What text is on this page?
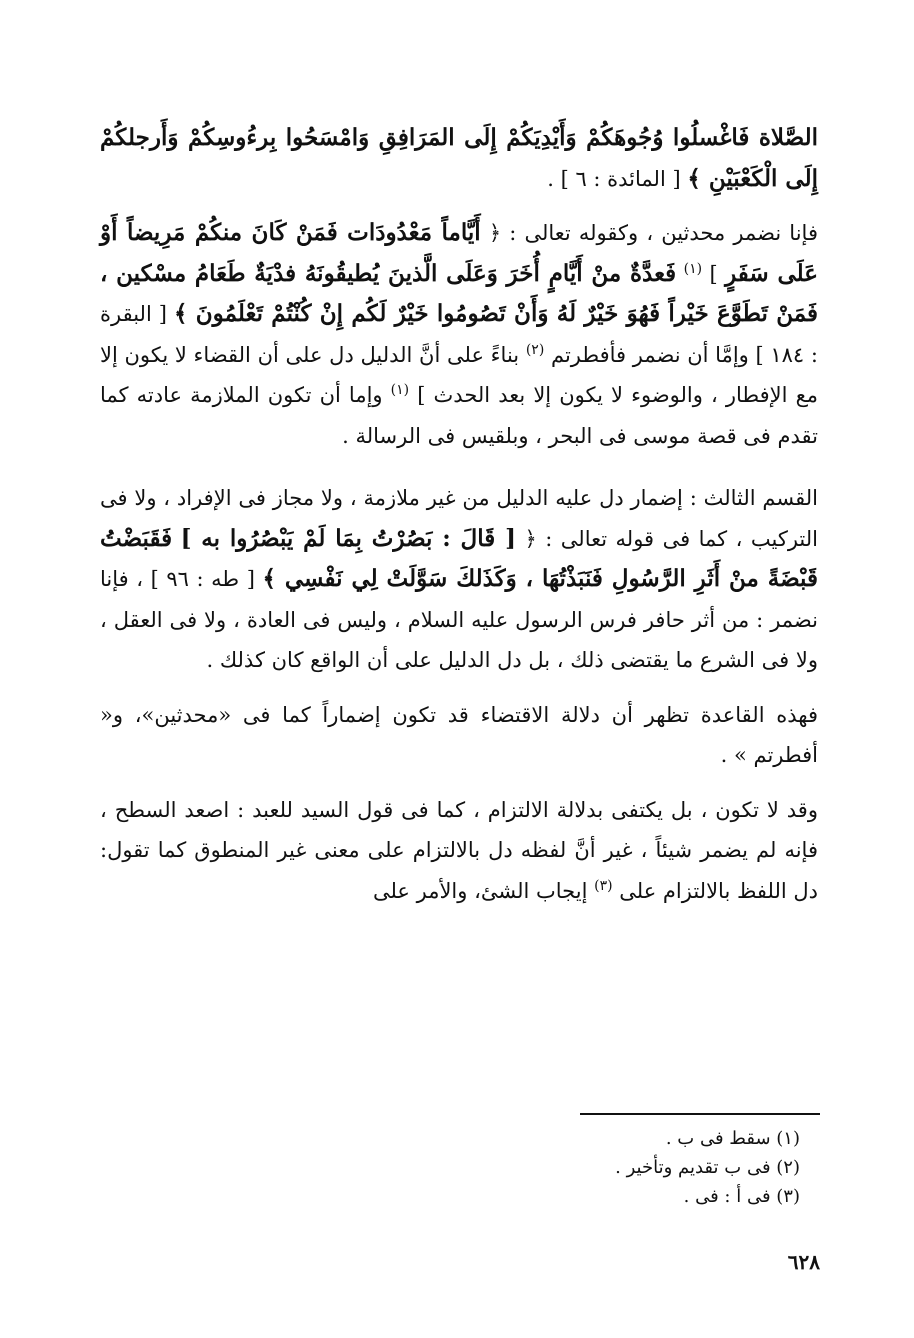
الصَّلاة فَاغْسلُوا وُجُوهَكُمْ وَأَيْدِيَكُمْ إِلَى المَرَافِقِ وَامْسَحُوا بِرءُوسِكُمْ وَأَرجلكُمْ إِلَى الْكَعْبَيْنِ ﴾ [ المائدة : ٦ ] .

فإنا نضمر محدثين ، وكقوله تعالى : ﴿ أَيَّاماً مَعْدُودَات فَمَنْ كَانَ منكُمْ مَرِيضاً أَوْ عَلَى سَفَرٍ ] $^{(١)}$ فَعدَّةٌ منْ أَيَّامٍ أُخَرَ وَعَلَى الَّذينَ يُطيقُونَهُ فدْيَةٌ طَعَامُ مسْكين ، فَمَنْ تَطَوَّعَ خَيْراً فَهُوَ خَيْرٌ لَهُ وَأَنْ تَصُومُوا خَيْرٌ لَكُم إِنْ كُنْتُمْ تَعْلَمُونَ ﴾ [ البقرة : ١٨٤ ] وإمَّا أن نضمر فأفطرتم $^{(٢)}$ بناءً على أنَّ الدليل دل على أن القضاء لا يكون إلا مع الإفطار ، والوضوء لا يكون إلا بعد الحدث ] $^{(١)}$ وإما أن تكون الملازمة عادته كما تقدم فى قصة موسى فى البحر ، وبلقيس فى الرسالة .

القسم الثالث : إضمار دل عليه الدليل من غير ملازمة ، ولا مجاز فى الإفراد ، ولا فى التركيب ، كما فى قوله تعالى : ﴿ [ قَالَ : بَصُرْتُ بِمَا لَمْ يَبْصُرُوا به ] فَقَبَضْتُ قَبْضَةً منْ أَثَرِ الرَّسُولِ فَنَبَذْتُهَا ، وَكَذَلكَ سَوَّلَتْ لِي نَفْسِي ﴾ [ طه : ٩٦ ] ، فإنا نضمر : من أثر حافر فرس الرسول عليه السلام ، وليس فى العادة ، ولا فى العقل ، ولا فى الشرع ما يقتضى ذلك ، بل دل الدليل على أن الواقع كان كذلك .

فهذه القاعدة تظهر أن دلالة الاقتضاء قد تكون إضماراً كما فى «محدثين»، و« أفطرتم » .

وقد لا تكون ، بل يكتفى بدلالة الالتزام ، كما فى قول السيد للعبد : اصعد السطح ، فإنه لم يضمر شيئاً ، غير أنَّ لفظه دل بالالتزام على معنى غير المنطوق كما تقول: دل اللفظ بالالتزام على $^{(٣)}$ إيجاب الشئ، والأمر على

(١) سقط فى ب .

(٢) فى ب تقديم وتأخير .

(٣) فى أ : فى .

٦٢٨
